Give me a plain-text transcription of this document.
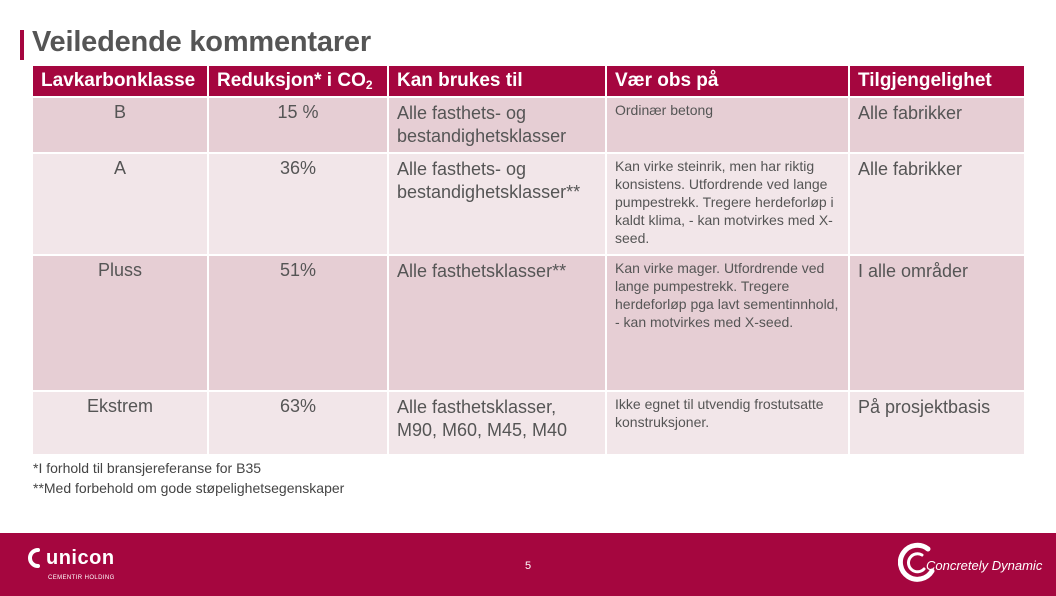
Veiledende kommentarer
Lavkarbonklasse	Reduksjon* i $CO_2$	Kan brukes til	Vær obs på	Tilgjengelighet
B	15 %	Alle fasthets- og bestandighetsklasser	Ordinær betong	Alle fabrikker
A	36%	Alle fasthets- og bestandighetsklasser**	Kan virke steinrik, men har riktig konsistens. Utfordrende ved lange pumpestrekk. Tregere herdeforløp i kaldt klima, - kan motvirkes med X-seed.	Alle fabrikker
Pluss	51%	Alle fasthetsklasser**	Kan virke mager. Utfordrende ved lange pumpestrekk. Tregere herdeforløp pga lavt sementinnhold, - kan motvirkes med X-seed.	I alle områder
Ekstrem	63%	Alle fasthetsklasser, M90, M60, M45, M40	Ikke egnet til utvendig frostutsatte konstruksjoner.	På prosjektbasis
*I forhold til bransjereferanse for B35
**Med forbehold om gode støpelighetsegenskaper
unicon
CEMENTIR HOLDING
5	Concretely Dynamic
